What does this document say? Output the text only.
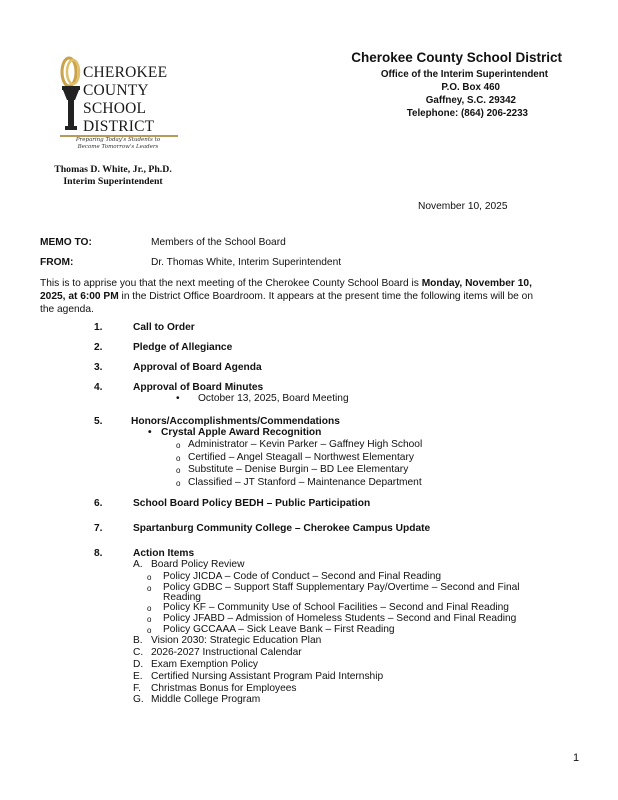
CHEROKEE
COUNTY
SCHOOL
DISTRICT
Preparing Today's Students to Become Tomorrow's Leaders
Thomas D. White, Jr., Ph.D.
Interim Superintendent
Cherokee County School District
Office of the Interim Superintendent
P.O. Box 460
Gaffney, S.C. 29342
Telephone: (864) 206-2233
November 10, 2025
MEMO TO:	Members of the School Board
FROM:	Dr. Thomas White, Interim Superintendent
This is to apprise you that the next meeting of the Cherokee County School Board is Monday, November 10,
2025, at 6:00 PM in the District Office Boardroom. It appears at the present time the following items will be on
the agenda.
1.	Call to Order
2.	Pledge of Allegiance
3.	Approval of Board Agenda
4.	Approval of Board Minutes
• October 13, 2025, Board Meeting
5.	Honors/Accomplishments/Commendations
• Crystal Apple Award Recognition
o Administrator – Kevin Parker – Gaffney High School
o Certified – Angel Steagall – Northwest Elementary
o Substitute – Denise Burgin – BD Lee Elementary
o Classified – JT Stanford – Maintenance Department
6.	School Board Policy BEDH – Public Participation
7.	Spartanburg Community College – Cherokee Campus Update
8.	Action Items
A. Board Policy Review
o Policy JICDA – Code of Conduct – Second and Final Reading
o Policy GDBC – Support Staff Supplementary Pay/Overtime – Second and Final
Reading
o Policy KF – Community Use of School Facilities – Second and Final Reading
o Policy JFABD – Admission of Homeless Students – Second and Final Reading
o Policy GCCAAA – Sick Leave Bank – First Reading
B. Vision 2030: Strategic Education Plan
C. 2026-2027 Instructional Calendar
D. Exam Exemption Policy
E. Certified Nursing Assistant Program Paid Internship
F. Christmas Bonus for Employees
G. Middle College Program
1
